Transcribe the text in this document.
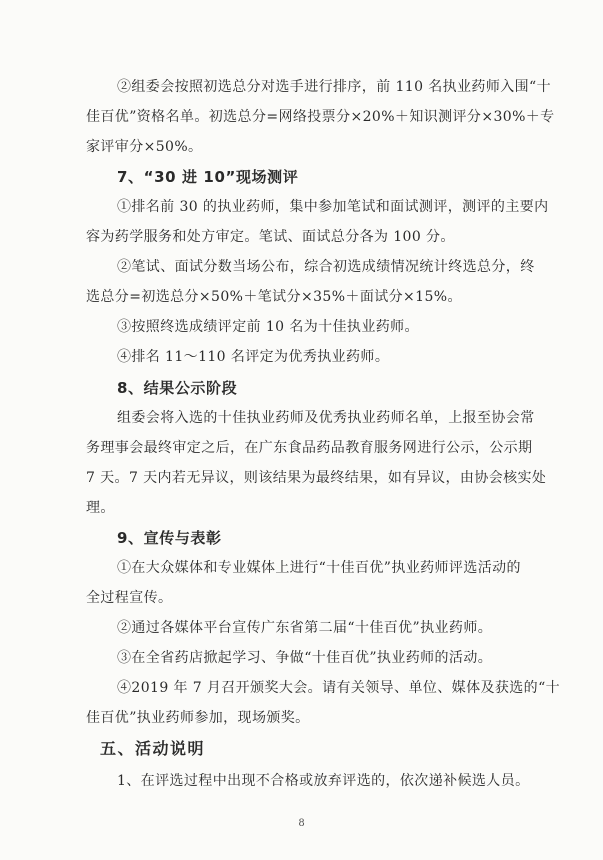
②组委会按照初选总分对选手进行排序，前 110 名执业药师入围“十
佳百优”资格名单。初选总分=网络投票分×20%＋知识测评分×30%＋专
家评审分×50%。
7、“30 进 10”现场测评
①排名前 30 的执业药师，集中参加笔试和面试测评，测评的主要内
容为药学服务和处方审定。笔试、面试总分各为 100 分。
②笔试、面试分数当场公布，综合初选成绩情况统计终选总分，终
选总分=初选总分×50%＋笔试分×35%＋面试分×15%。
③按照终选成绩评定前 10 名为十佳执业药师。
④排名 11～110 名评定为优秀执业药师。
8、结果公示阶段
组委会将入选的十佳执业药师及优秀执业药师名单，上报至协会常
务理事会最终审定之后，在广东食品药品教育服务网进行公示，公示期
7 天。7 天内若无异议，则该结果为最终结果，如有异议，由协会核实处
理。
9、宣传与表彰
①在大众媒体和专业媒体上进行“十佳百优”执业药师评选活动的
全过程宣传。
②通过各媒体平台宣传广东省第二届“十佳百优”执业药师。
③在全省药店掀起学习、争做“十佳百优”执业药师的活动。
④2019 年 7 月召开颁奖大会。请有关领导、单位、媒体及获选的“十
佳百优”执业药师参加，现场颁奖。
五、活动说明
1、在评选过程中出现不合格或放弃评选的，依次递补候选人员。
8
